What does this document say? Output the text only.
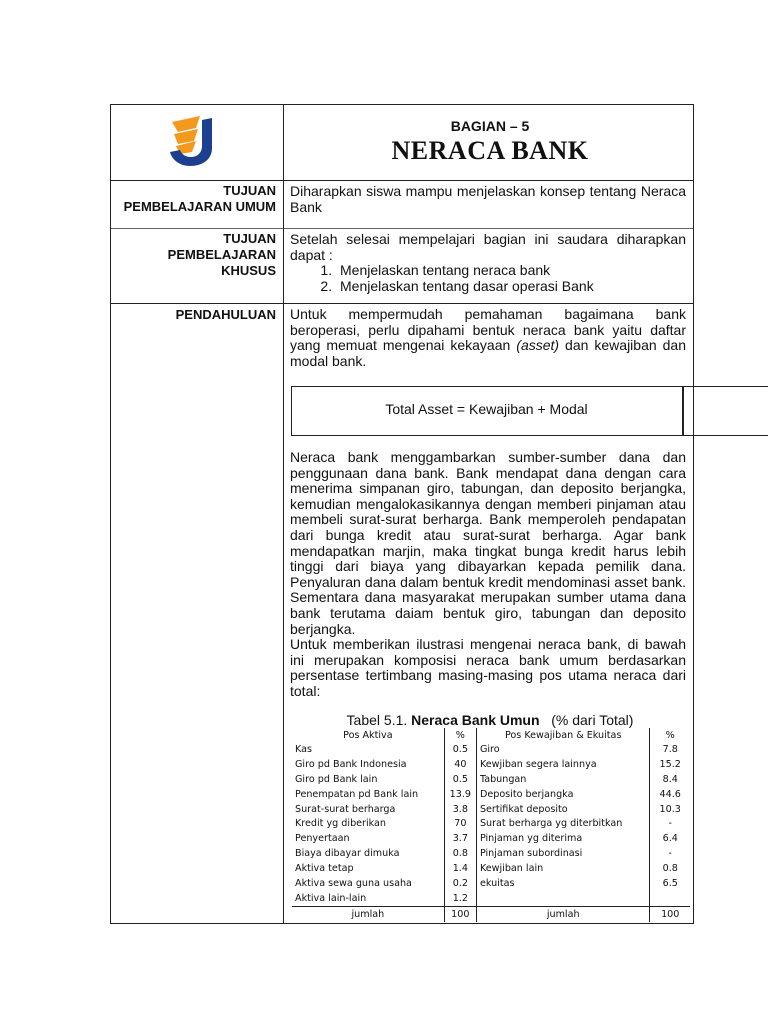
BAGIAN – 5
NERACA BANK
TUJUAN
PEMBELAJARAN UMUM
Diharapkan siswa mampu menjelaskan konsep tentang Neraca Bank
TUJUAN
PEMBELAJARAN
KHUSUS

Setelah selesai mempelajari bagian ini saudara diharapkan dapat :

1. Menjelaskan tentang neraca bank
2. Menjelaskan tentang dasar operasi Bank
PENDAHULUAN Untuk mempermudah pemahaman bagaimana bank beroperasi, perlu dipahami bentuk neraca bank yaitu daftar yang memuat mengenai kekayaan (asset) dan kewajiban dan modal bank.
Total Asset = Kewajiban + Modal

Neraca bank menggambarkan sumber-sumber dana dan penggunaan dana bank. Bank mendapat dana dengan cara menerima simpanan giro, tabungan, dan deposito berjangka, kemudian mengalokasikannya dengan memberi pinjaman atau membeli surat-surat berharga. Bank memperoleh pendapatan dari bunga kredit atau surat-surat berharga. Agar bank mendapatkan marjin, maka tingkat bunga kredit harus lebih tinggi dari biaya yang dibayarkan kepada pemilik dana. Penyaluran dana dalam bentuk kredit mendominasi asset bank. Sementara dana masyarakat merupakan sumber utama dana bank terutama daiam bentuk giro, tabungan dan deposito berjangka.

Untuk memberikan ilustrasi mengenai neraca bank, di bawah ini merupakan komposisi neraca bank umum berdasarkan persentase tertimbang masing-masing pos utama neraca dari total:

Tabel 5.1. Neraca Bank Umun   (% dari Total)
Pos Aktiva	%	Pos Kewajiban & Ekuitas	%
Kas	0.5	Giro	7.8
Giro pd Bank Indonesia	40	Kewjiban segera lainnya	15.2
Giro pd Bank lain	0.5	Tabungan	8.4
Penempatan pd Bank lain	13.9	Deposito berjangka	44.6
Surat-surat berharga	3.8	Sertifikat deposito	10.3
Kredit yg diberikan	70	Surat berharga yg diterbitkan	-
Penyertaan	3.7	Pinjaman yg diterima	6.4
Biaya dibayar dimuka	0.8	Pinjaman subordinasi	-
Aktiva tetap	1.4	Kewjiban lain	0.8
Aktiva sewa guna usaha	0.2	ekuitas	6.5
Aktiva lain-lain	1.2		
jumlah	100	jumlah	100
